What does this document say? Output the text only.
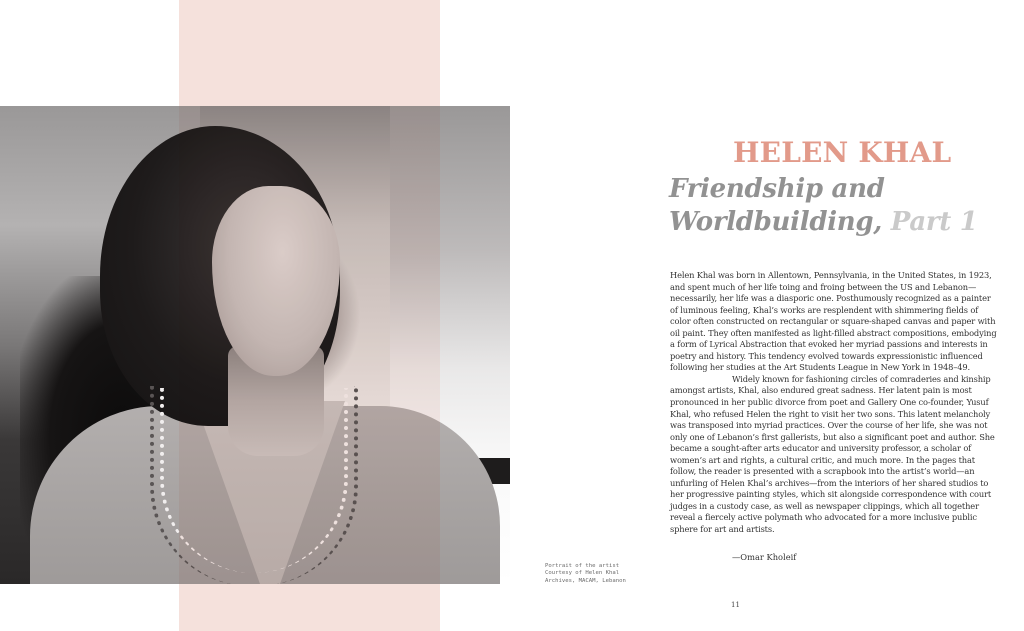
Portrait of the artist
Courtesy of Helen Khal
Archives, MACAM, Lebanon
HELEN KHAL
Friendship and
Worldbuilding, Part 1

Helen Khal was born in Allentown, Pennsylvania, in the United States, in 1923, and spent much of her life toing and froing between the US and Lebanon—necessarily, her life was a diasporic one. Posthumously recognized as a painter of luminous feeling, Khal’s works are resplendent with shimmering fields of color often constructed on rectangular or square-shaped canvas and paper with oil paint. They often manifested as light-filled abstract compositions, embodying a form of Lyrical Abstraction that evoked her myriad passions and interests in poetry and history. This tendency evolved towards expressionistic influenced following her studies at the Art Students League in New York in 1948–49.

Widely known for fashioning circles of comraderies and kinship amongst artists, Khal, also endured great sadness. Her latent pain is most pronounced in her public divorce from poet and Gallery One co-founder, Yusuf Khal, who refused Helen the right to visit her two sons. This latent melancholy was transposed into myriad practices. Over the course of her life, she was not only one of Lebanon’s first gallerists, but also a significant poet and author. She became a sought-after arts educator and university professor, a scholar of women’s art and rights, a cultural critic, and much more. In the pages that follow, the reader is presented with a scrapbook into the artist’s world—an unfurling of Helen Khal’s archives—from the interiors of her shared studios to her progressive painting styles, which sit alongside correspondence with court judges in a custody case, as well as newspaper clippings, which all together reveal a fiercely active polymath who advocated for a more inclusive public sphere for art and artists.

—Omar Kholeif
11
